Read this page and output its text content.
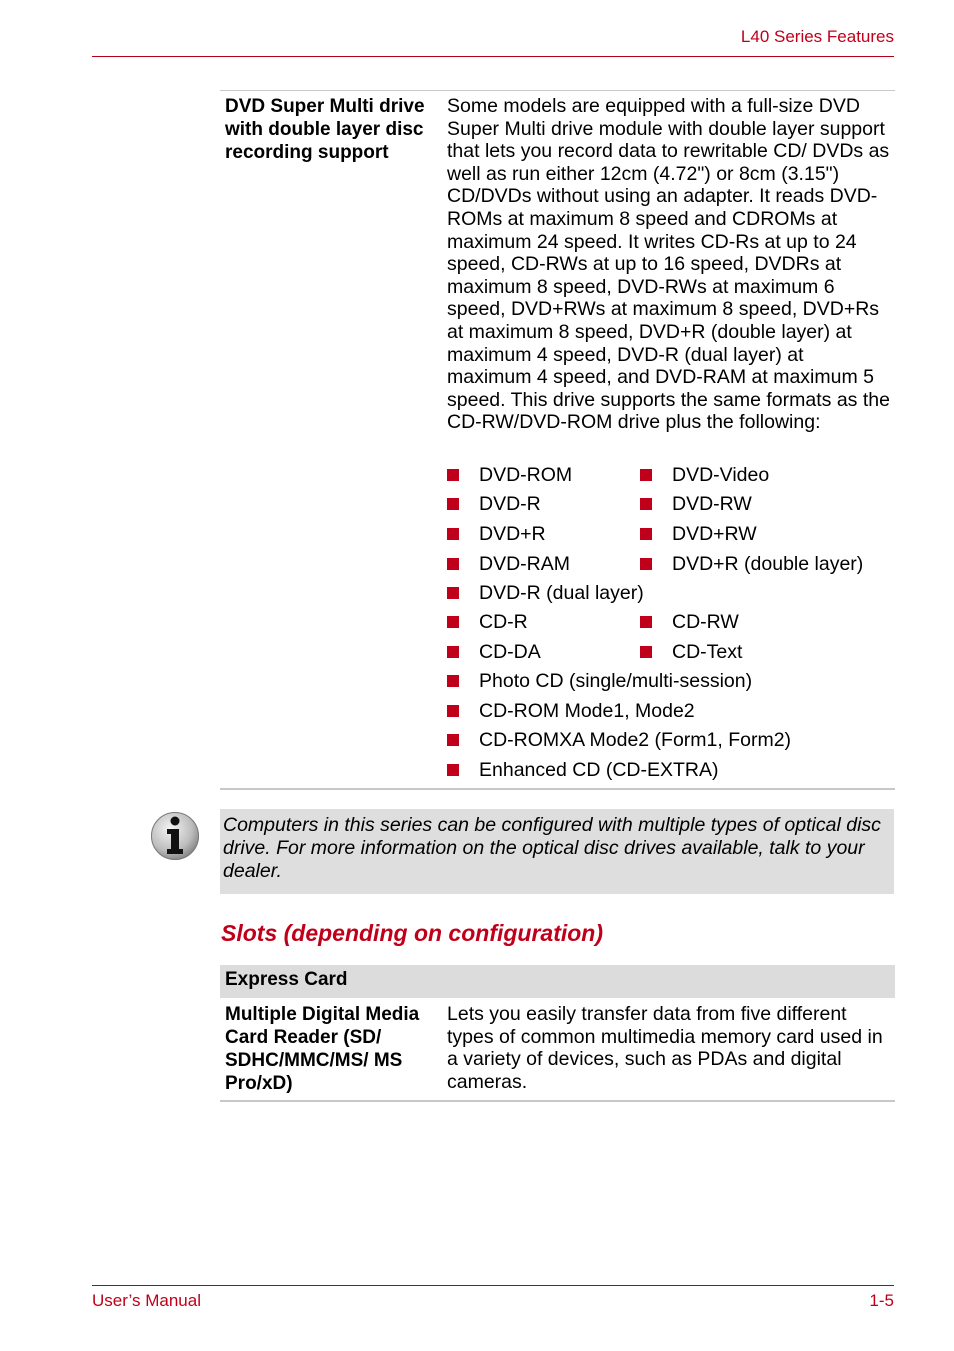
L40 Series Features
DVD Super Multi drive with double layer disc recording support

Some models are equipped with a full-size DVD Super Multi drive module with double layer support that lets you record data to rewritable CD/ DVDs as well as run either 12cm (4.72") or 8cm (3.15") CD/DVDs without using an adapter. It reads DVD-ROMs at maximum 8 speed and CDROMs at maximum 24 speed. It writes CD-Rs at up to 24 speed, CD-RWs at up to 16 speed, DVDRs at maximum 8 speed, DVD-RWs at maximum 6 speed, DVD+RWs at maximum 8 speed, DVD+Rs at maximum 8 speed, DVD+R (double layer) at maximum 4 speed, DVD-R (dual layer) at maximum 4 speed, and DVD-RAM at maximum 5 speed. This drive supports the same formats as the CD-RW/DVD-ROM drive plus the following:

DVD-ROM	DVD-Video
DVD-R	DVD-RW
DVD+R	DVD+RW
DVD-RAM	DVD+R (double layer)
DVD-R (dual layer)
CD-R	CD-RW
CD-DA	CD-Text
Photo CD (single/multi-session)
CD-ROM Mode1, Mode2
CD-ROMXA Mode2 (Form1, Form2)
Enhanced CD (CD-EXTRA)

Computers in this series can be configured with multiple types of optical disc drive. For more information on the optical disc drives available, talk to your dealer.

Slots (depending on configuration)
Express Card
Multiple Digital Media Card Reader (SD/ SDHC/MMC/MS/ MS Pro/xD)

Lets you easily transfer data from five different types of common multimedia memory card used in a variety of devices, such as PDAs and digital cameras.

User’s Manual	1-5
